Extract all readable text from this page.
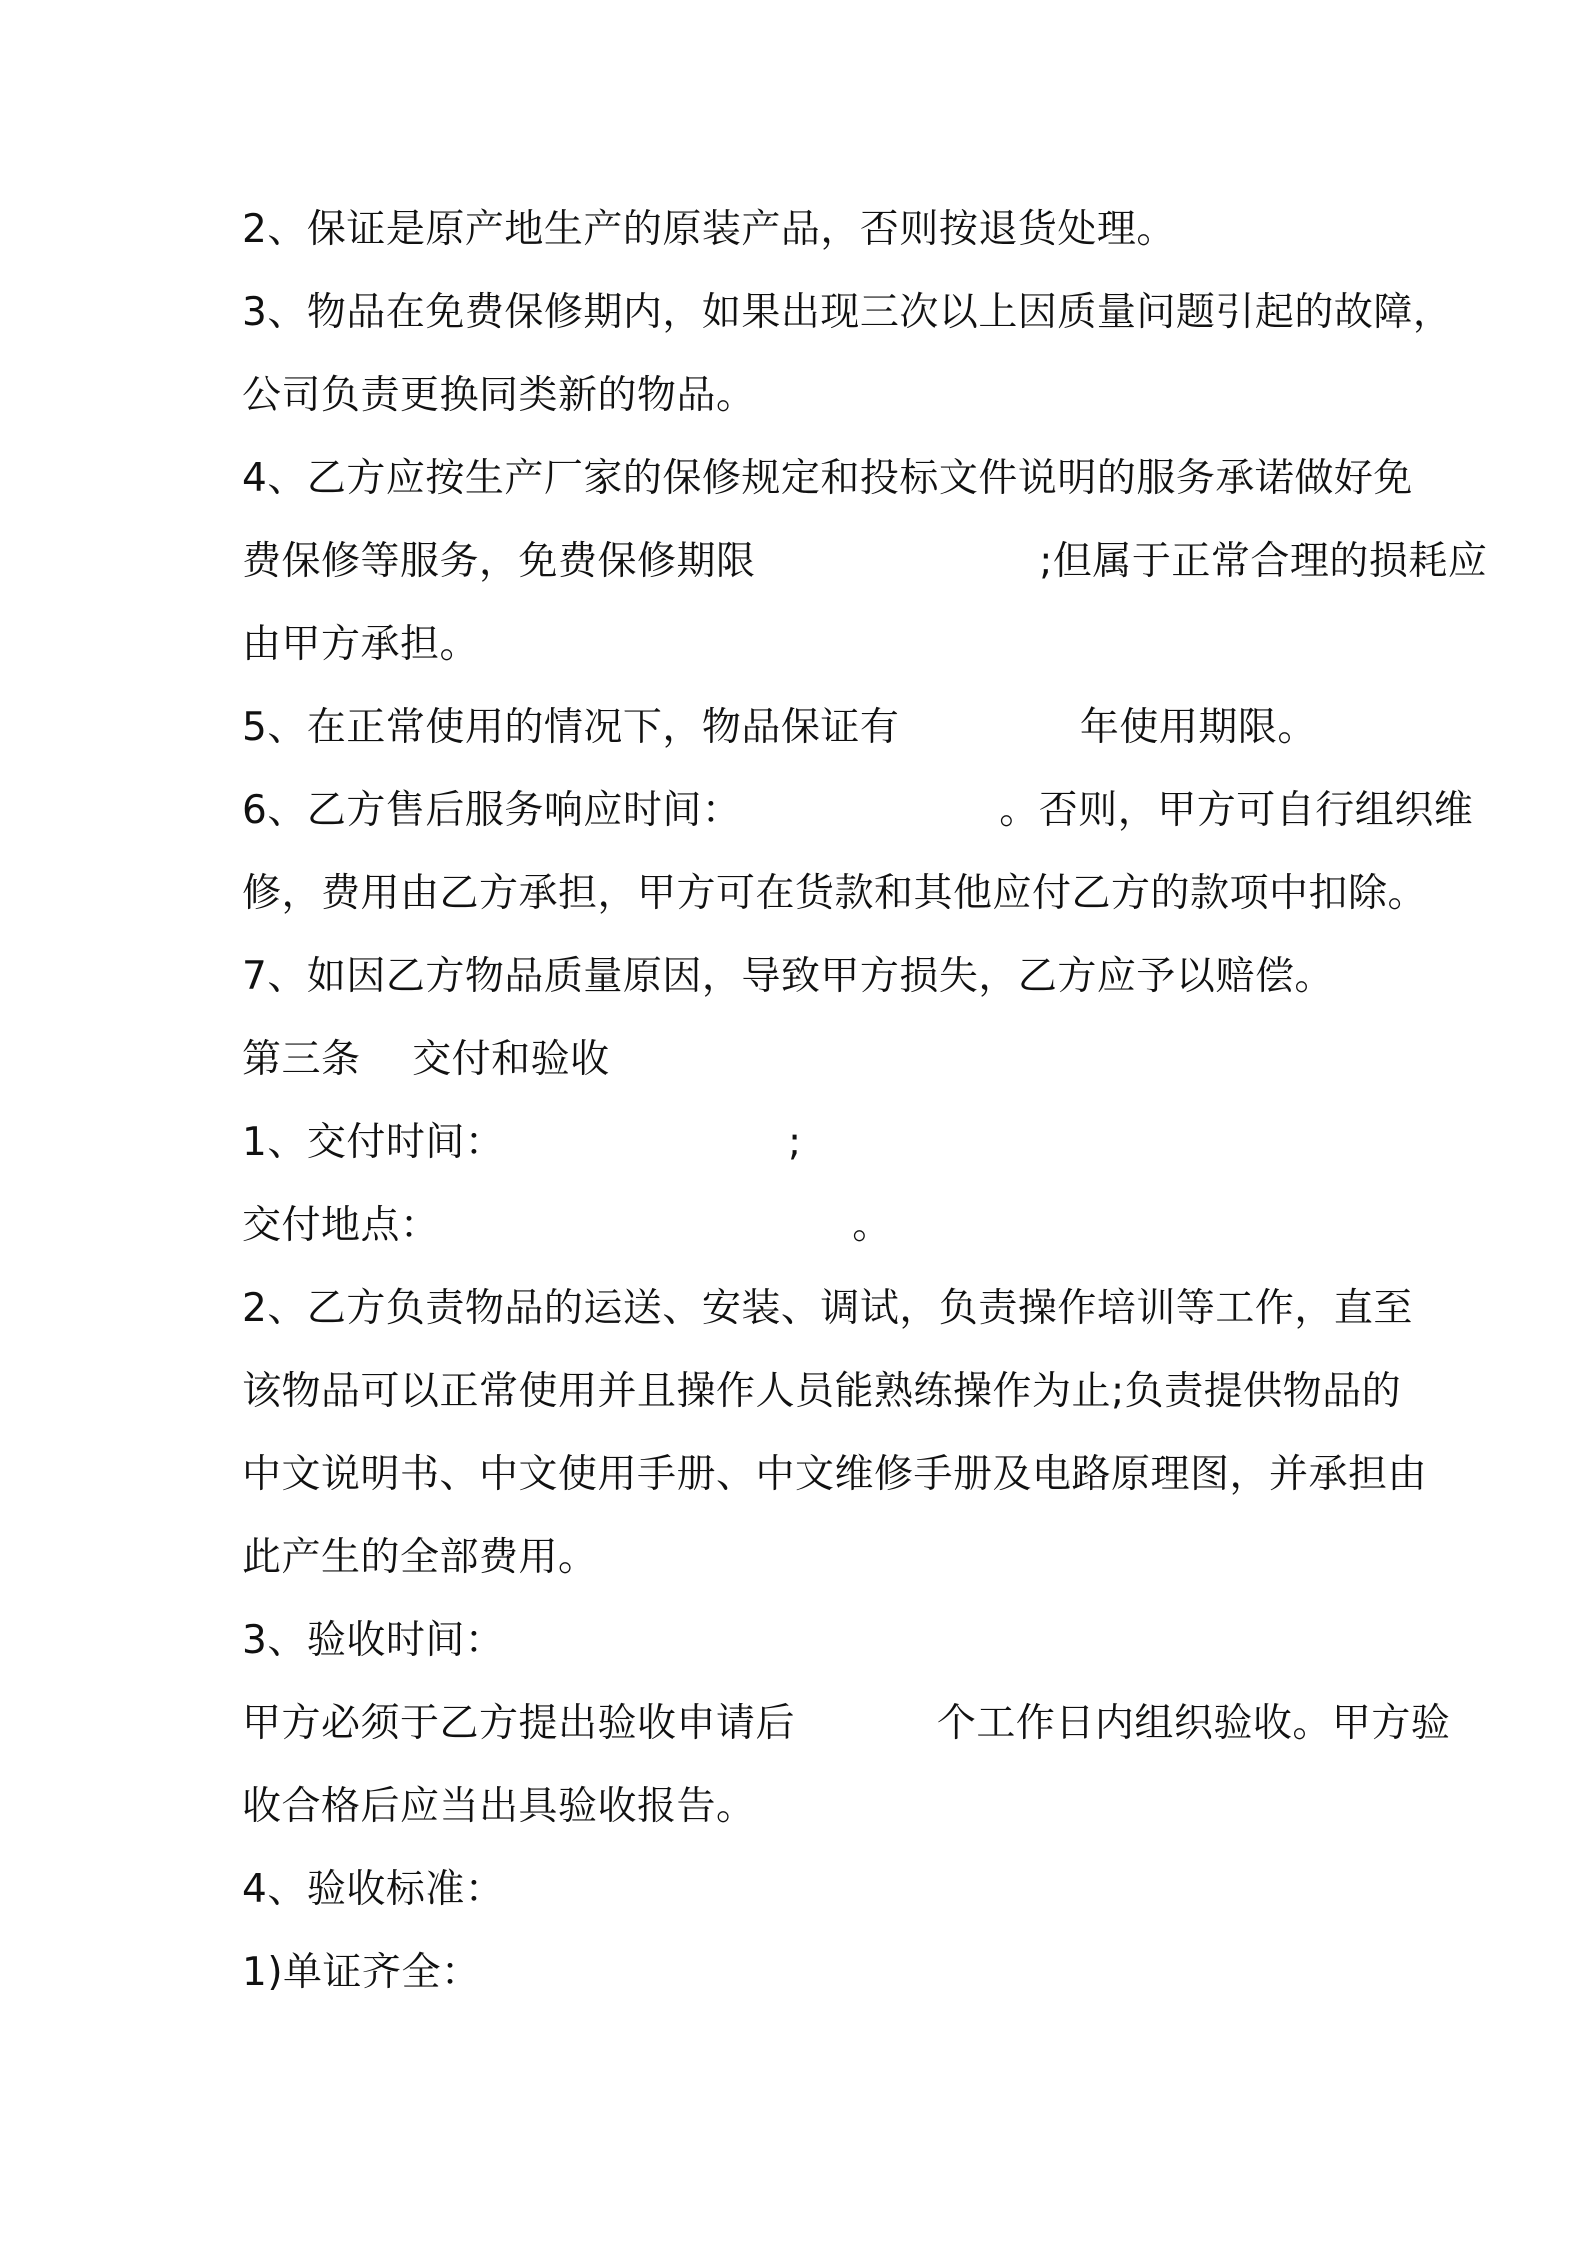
2、保证是原产地生产的原装产品，否则按退货处理。
3、物品在免费保修期内，如果出现三次以上因质量问题引起的故障，
公司负责更换同类新的物品。
4、乙方应按生产厂家的保修规定和投标文件说明的服务承诺做好免
费保修等服务，免费保修期限                      ;但属于正常合理的损耗应
由甲方承担。
5、在正常使用的情况下，物品保证有              年使用期限。
6、乙方售后服务响应时间：                    。否则，甲方可自行组织维
修，费用由乙方承担，甲方可在货款和其他应付乙方的款项中扣除。
7、如因乙方物品质量原因，导致甲方损失，乙方应予以赔偿。
第三条    交付和验收
1、交付时间：                      ;
交付地点：                                。
2、乙方负责物品的运送、安装、调试，负责操作培训等工作，直至
该物品可以正常使用并且操作人员能熟练操作为止;负责提供物品的
中文说明书、中文使用手册、中文维修手册及电路原理图，并承担由
此产生的全部费用。
3、验收时间：
甲方必须于乙方提出验收申请后           个工作日内组织验收。甲方验
收合格后应当出具验收报告。
4、验收标准：
1)单证齐全：
